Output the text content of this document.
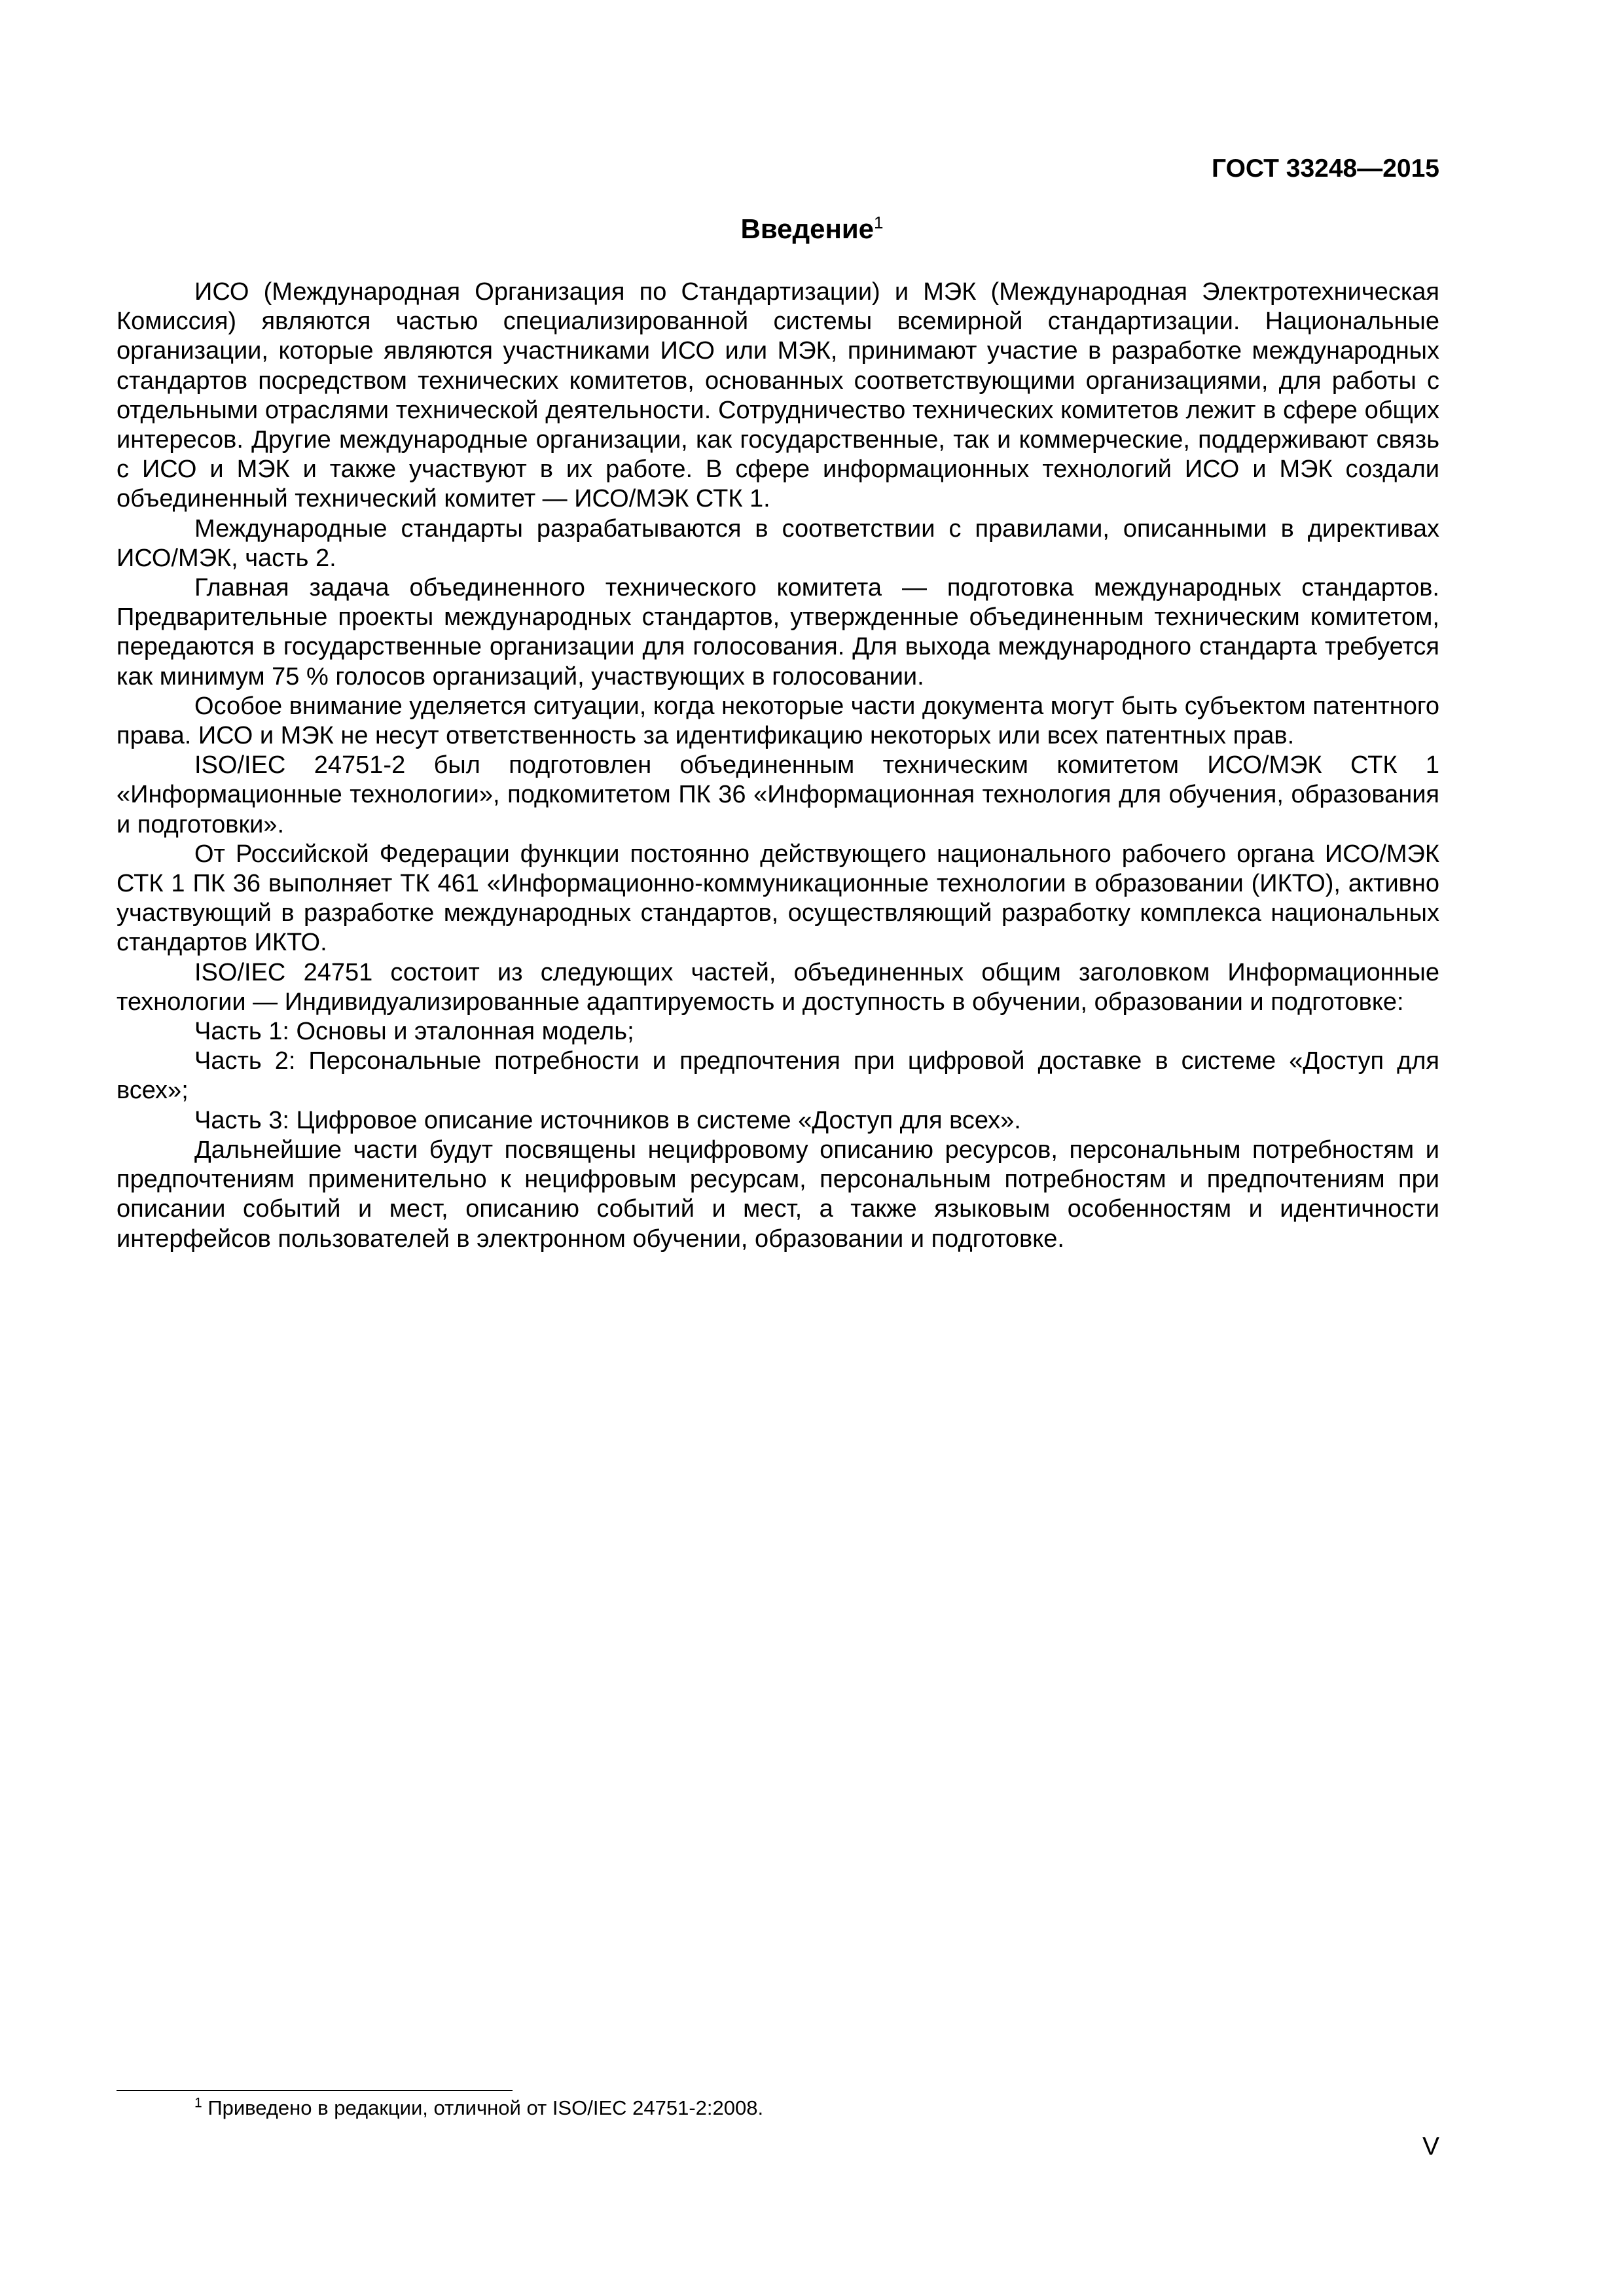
ГОСТ 33248—2015

Введение$^1$

ИСО (Международная Организация по Стандартизации) и МЭК (Международная Электротехническая Комиссия) являются частью специализированной системы всемирной стандартизации. Национальные организации, которые являются участниками ИСО или МЭК, принимают участие в разработке международных стандартов посредством технических комитетов, основанных соответствующими организациями, для работы с отдельными отраслями технической деятельности. Сотрудничество технических комитетов лежит в сфере общих интересов. Другие международные организации, как государственные, так и коммерческие, поддерживают связь с ИСО и МЭК и также участвуют в их работе. В сфере информационных технологий ИСО и МЭК создали объединенный технический комитет — ИСО/МЭК СТК 1.

Международные стандарты разрабатываются в соответствии с правилами, описанными в директивах ИСО/МЭК, часть 2.

Главная задача объединенного технического комитета — подготовка международных стандартов. Предварительные проекты международных стандартов, утвержденные объединенным техническим комитетом, передаются в государственные организации для голосования. Для выхода международного стандарта требуется как минимум 75 % голосов организаций, участвующих в голосовании.

Особое внимание уделяется ситуации, когда некоторые части документа могут быть субъектом патентного права. ИСО и МЭК не несут ответственность за идентификацию некоторых или всех патентных прав.

ISO/IEC 24751-2 был подготовлен объединенным техническим комитетом ИСО/МЭК СТК 1 «Информационные технологии», подкомитетом ПК 36 «Информационная технология для обучения, образования и подготовки».

От Российской Федерации функции постоянно действующего национального рабочего органа ИСО/МЭК СТК 1 ПК 36 выполняет ТК 461 «Информационно-коммуникационные технологии в образовании (ИКТО), активно участвующий в разработке международных стандартов, осуществляющий разработку комплекса национальных стандартов ИКТО.

ISO/IEC 24751 состоит из следующих частей, объединенных общим заголовком Информационные технологии — Индивидуализированные адаптируемость и доступность в обучении, образовании и подготовке:

Часть 1: Основы и эталонная модель;

Часть 2: Персональные потребности и предпочтения при цифровой доставке в системе «Доступ для всех»;

Часть 3: Цифровое описание источников в системе «Доступ для всех».

Дальнейшие части будут посвящены нецифровому описанию ресурсов, персональным потребностям и предпочтениям применительно к нецифровым ресурсам, персональным потребностям и предпочтениям при описании событий и мест, описанию событий и мест, а также языковым особенностям и идентичности интерфейсов пользователей в электронном обучении, образовании и подготовке.

$^1$ Приведено в редакции, отличной от ISO/IEC 24751-2:2008.

V
